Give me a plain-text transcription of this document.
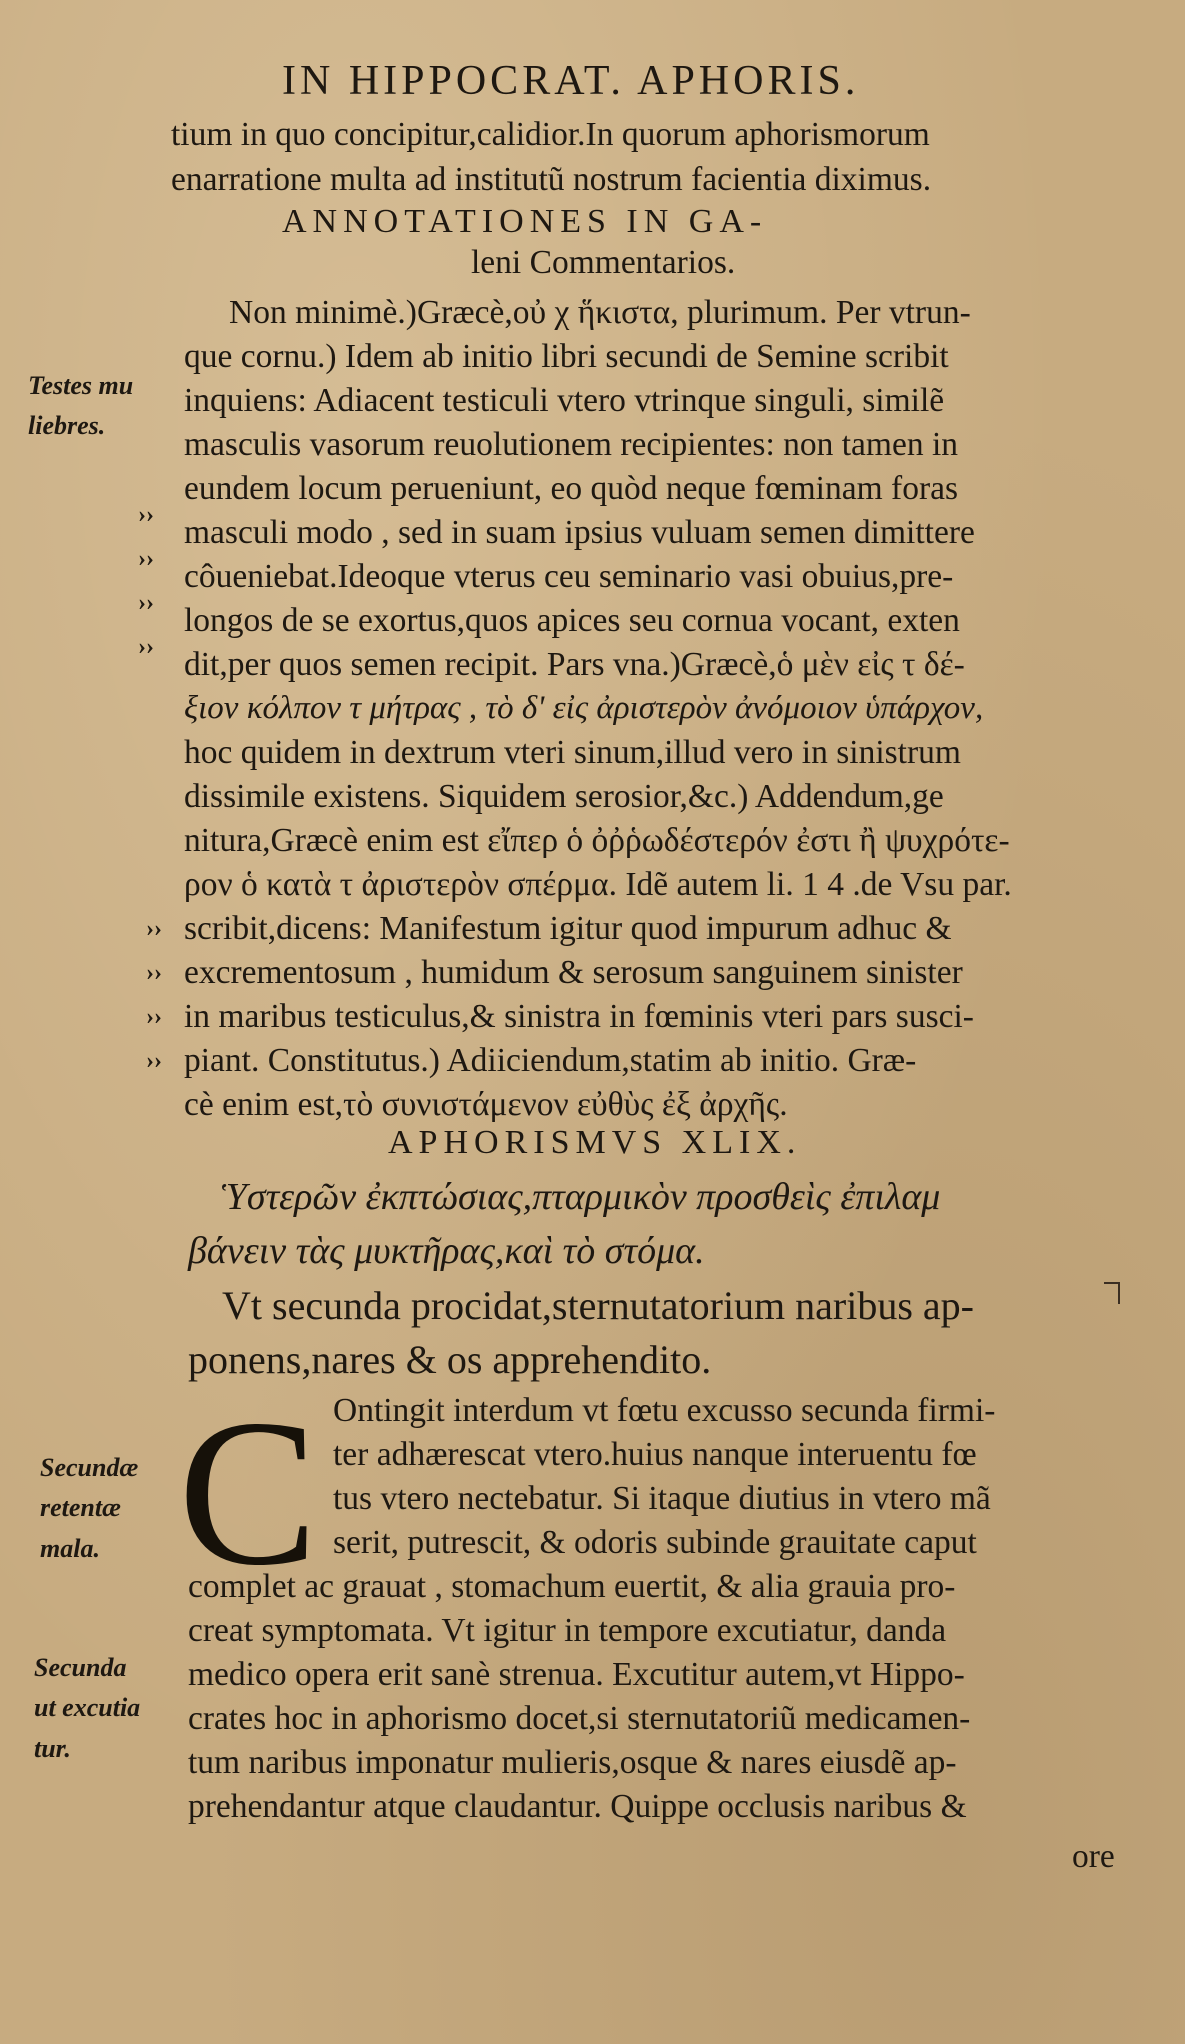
IN HIPPOCRAT. APHORIS.

tium in quo concipitur,calidior.In quorum aphorismorum

enarratione multa ad institutũ nostrum facientia diximus.

ANNOTATIONES IN GA-

leni Commentarios.

Non minimè.)Græcè,οὐ χ ἥκιστα, plurimum. Per vtrun-

que cornu.) Idem ab initio libri secundi de Semine scribit

inquiens: Adiacent testiculi vtero vtrinque singuli, similẽ

masculis vasorum reuolutionem recipientes: non tamen in

eundem locum perueniunt, eo quòd neque fœminam foras

masculi modo , sed in suam ipsius vuluam semen dimittere

côueniebat.Ideoque vterus ceu seminario vasi obuius,pre-

longos de se exortus,quos apices seu cornua vocant, exten

dit,per quos semen recipit. Pars vna.)Græcè,ὁ μὲν εἰς τ δέ-

ξιον κόλπον τ μήτρας , τὸ δ' εἰς ἀριστερὸν ἀνόμοιον ὑπάρχον,

hoc quidem in dextrum vteri sinum,illud vero in sinistrum

dissimile existens. Siquidem serosior,&c.) Addendum,ge

nitura,Græcè enim est εἴπερ ὁ ὀῤῥωδέστερόν ἐστι ἢ ψυχρότε-

ρον ὁ κατὰ τ ἀριστερὸν σπέρμα. Idẽ autem li. 1 4 .de Vsu par.

scribit,dicens: Manifestum igitur quod impurum adhuc &

excrementosum , humidum & serosum sanguinem sinister

in maribus testiculus,& sinistra in fœminis vteri pars susci-

piant. Constitutus.) Adiiciendum,statim ab initio. Græ-

cè enim est,τὸ συνιστάμενον εὐθὺς ἐξ ἀρχῆς.

APHORISMVS XLIX.

Ὑστερῶν ἐκπτώσιας,πταρμικὸν προσθεὶς ἐπιλαμ

βάνειν τὰς μυκτῆρας,καὶ τὸ στόμα.

Vt secunda procidat,sternutatorium naribus ap-

ponens,nares & os apprehendito.

C Ontingit interdum vt fœtu excusso secunda firmi-

ter adhærescat vtero.huius nanque interuentu fœ

tus vtero nectebatur. Si itaque diutius in vtero mã

serit, putrescit, & odoris subinde grauitate caput

complet ac grauat , stomachum euertit, & alia grauia pro-

creat symptomata. Vt igitur in tempore excutiatur, danda

medico opera erit sanè strenua. Excutitur autem,vt Hippo-

crates hoc in aphorismo docet,si sternutatoriũ medicamen-

tum naribus imponatur mulieris,osque & nares eiusdẽ ap-

prehendantur atque claudantur. Quippe occlusis naribus &

ore

Testes mu
liebres.
Secundæ
retentæ
mala.
Secunda
ut excutia
tur.
››
››
››
››
››
››
››
››
